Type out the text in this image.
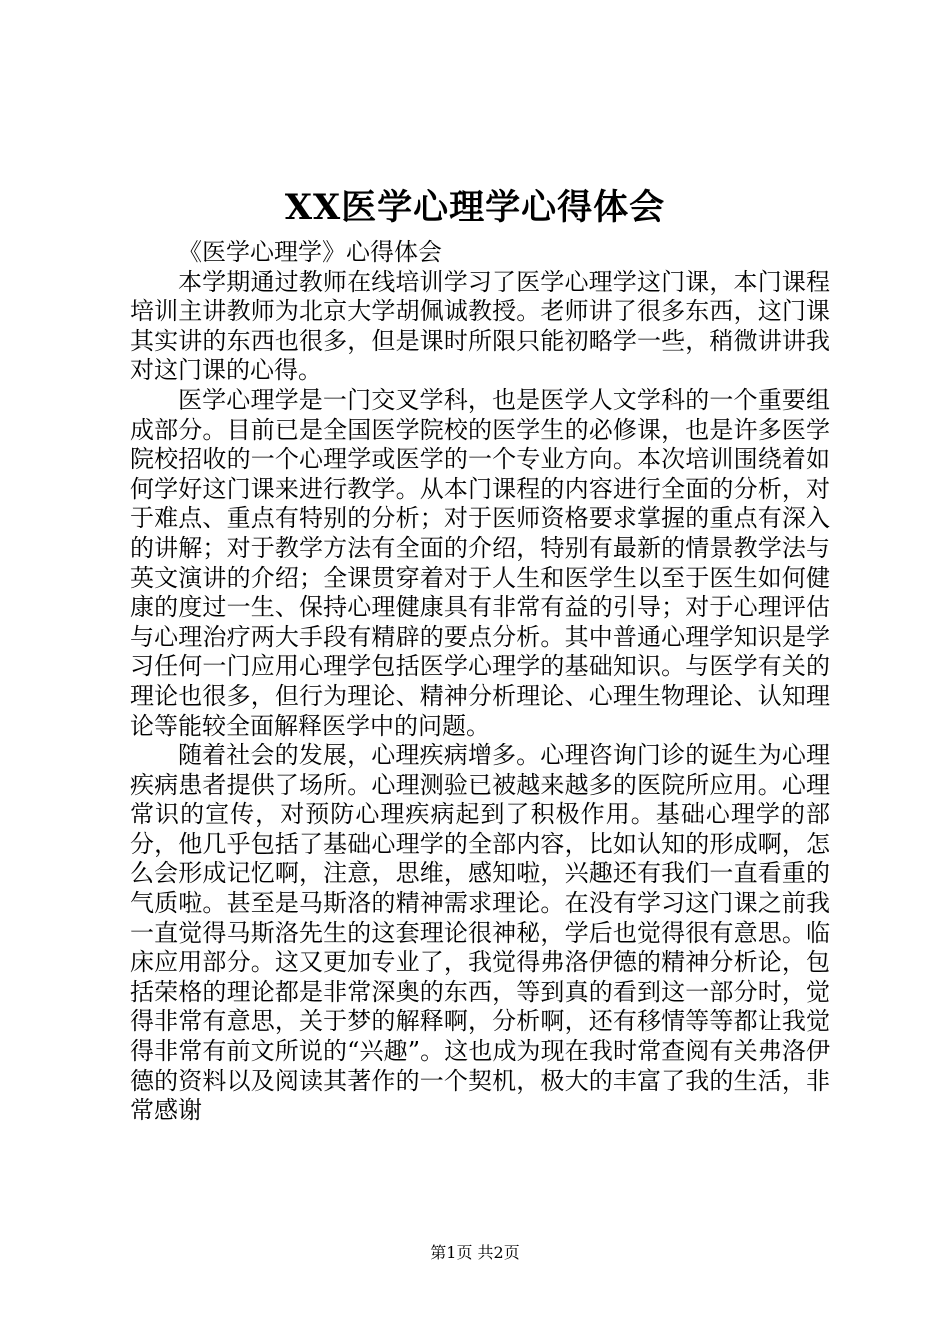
XX医学心理学心得体会

《医学心理学》心得体会

本学期通过教师在线培训学习了医学心理学这门课，本门课程培训主讲教师为北京大学胡佩诚教授。老师讲了很多东西，这门课其实讲的东西也很多，但是课时所限只能初略学一些，稍微讲讲我对这门课的心得。

医学心理学是一门交叉学科，也是医学人文学科的一个重要组成部分。目前已是全国医学院校的医学生的必修课，也是许多医学院校招收的一个心理学或医学的一个专业方向。本次培训围绕着如何学好这门课来进行教学。从本门课程的内容进行全面的分析，对于难点、重点有特别的分析；对于医师资格要求掌握的重点有深入的讲解；对于教学方法有全面的介绍，特别有最新的情景教学法与英文演讲的介绍；全课贯穿着对于人生和医学生以至于医生如何健康的度过一生、保持心理健康具有非常有益的引导；对于心理评估与心理治疗两大手段有精辟的要点分析。其中普通心理学知识是学习任何一门应用心理学包括医学心理学的基础知识。与医学有关的理论也很多，但行为理论、精神分析理论、心理生物理论、认知理论等能较全面解释医学中的问题。

随着社会的发展，心理疾病增多。心理咨询门诊的诞生为心理疾病患者提供了场所。心理测验已被越来越多的医院所应用。心理常识的宣传，对预防心理疾病起到了积极作用。基础心理学的部分，他几乎包括了基础心理学的全部内容，比如认知的形成啊，怎么会形成记忆啊，注意，思维，感知啦，兴趣还有我们一直看重的气质啦。甚至是马斯洛的精神需求理论。在没有学习这门课之前我一直觉得马斯洛先生的这套理论很神秘，学后也觉得很有意思。临床应用部分。这又更加专业了，我觉得弗洛伊德的精神分析论，包括荣格的理论都是非常深奥的东西，等到真的看到这一部分时，觉得非常有意思，关于梦的解释啊，分析啊，还有移情等等都让我觉得非常有前文所说的“兴趣”。这也成为现在我时常查阅有关弗洛伊德的资料以及阅读其著作的一个契机，极大的丰富了我的生活，非常感谢

第1页 共2页
